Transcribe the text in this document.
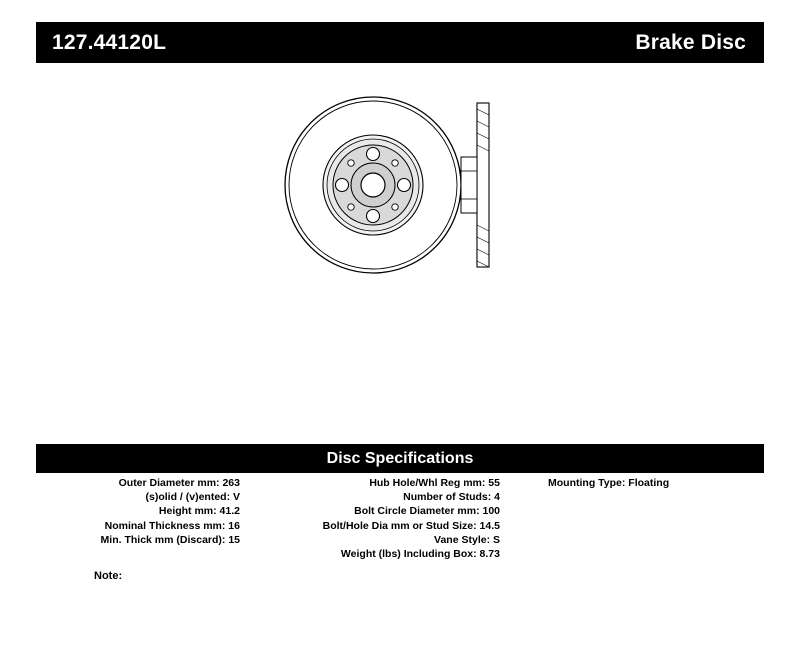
127.44120L	Brake Disc
Disc Specifications
Outer Diameter mm: 263
(s)olid / (v)ented: V
Height mm: 41.2
Nominal Thickness mm: 16
Min. Thick mm (Discard): 15
Hub Hole/Whl Reg mm: 55
Number of Studs: 4
Bolt Circle Diameter mm: 100
Bolt/Hole Dia mm or Stud Size: 14.5
Vane Style: S
Weight (lbs) Including Box: 8.73
Mounting Type: Floating
Note:
